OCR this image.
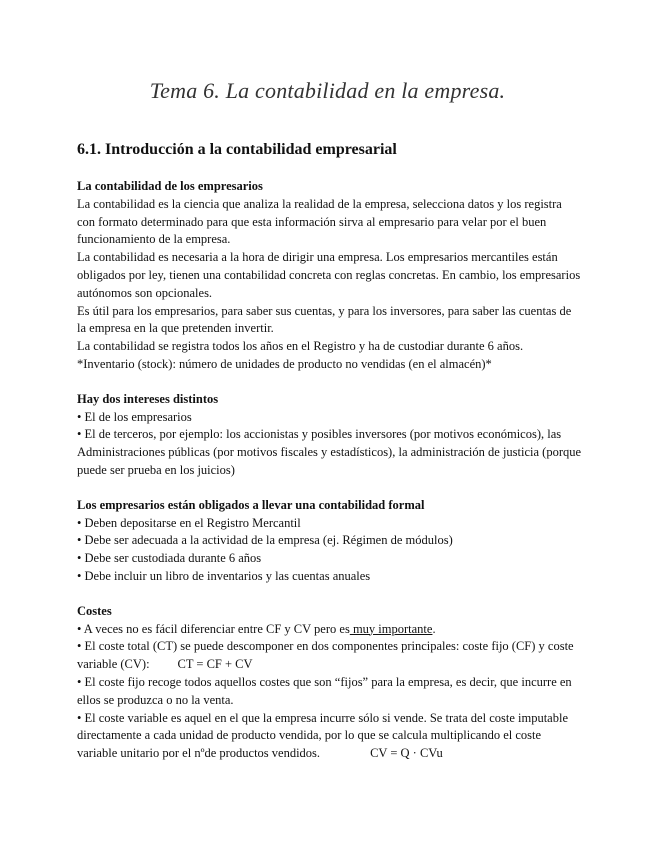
Tema 6. La contabilidad en la empresa.
6.1. Introducción a la contabilidad empresarial

La contabilidad de los empresarios

La contabilidad es la ciencia que analiza la realidad de la empresa, selecciona datos y los registra con formato determinado para que esta información sirva al empresario para velar por el buen funcionamiento de la empresa.

La contabilidad es necesaria a la hora de dirigir una empresa. Los empresarios mercantiles están obligados por ley, tienen una contabilidad concreta con reglas concretas. En cambio, los empresarios autónomos son opcionales.

Es útil para los empresarios, para saber sus cuentas, y para los inversores, para saber las cuentas de la empresa en la que pretenden invertir.

La contabilidad se registra todos los años en el Registro y ha de custodiar durante 6 años.

*Inventario (stock): número de unidades de producto no vendidas (en el almacén)*

Hay dos intereses distintos

• El de los empresarios

• El de terceros, por ejemplo: los accionistas y posibles inversores (por motivos económicos), las Administraciones públicas (por motivos fiscales y estadísticos), la administración de justicia (porque puede ser prueba en los juicios)

Los empresarios están obligados a llevar una contabilidad formal

• Deben depositarse en el Registro Mercantil

• Debe ser adecuada a la actividad de la empresa (ej. Régimen de módulos)

• Debe ser custodiada durante 6 años

• Debe incluir un libro de inventarios y las cuentas anuales

Costes

• A veces no es fácil diferenciar entre CF y CV pero es muy importante.

• El coste total (CT) se puede descomponer en dos componentes principales: coste fijo (CF) y coste variable (CV): CT = CF + CV

• El coste fijo recoge todos aquellos costes que son “fijos” para la empresa, es decir, que incurre en ellos se produzca o no la venta.

• El coste variable es aquel en el que la empresa incurre sólo si vende. Se trata del coste imputable directamente a cada unidad de producto vendida, por lo que se calcula multiplicando el coste variable unitario por el nºde productos vendidos.	CV = Q · CVu
